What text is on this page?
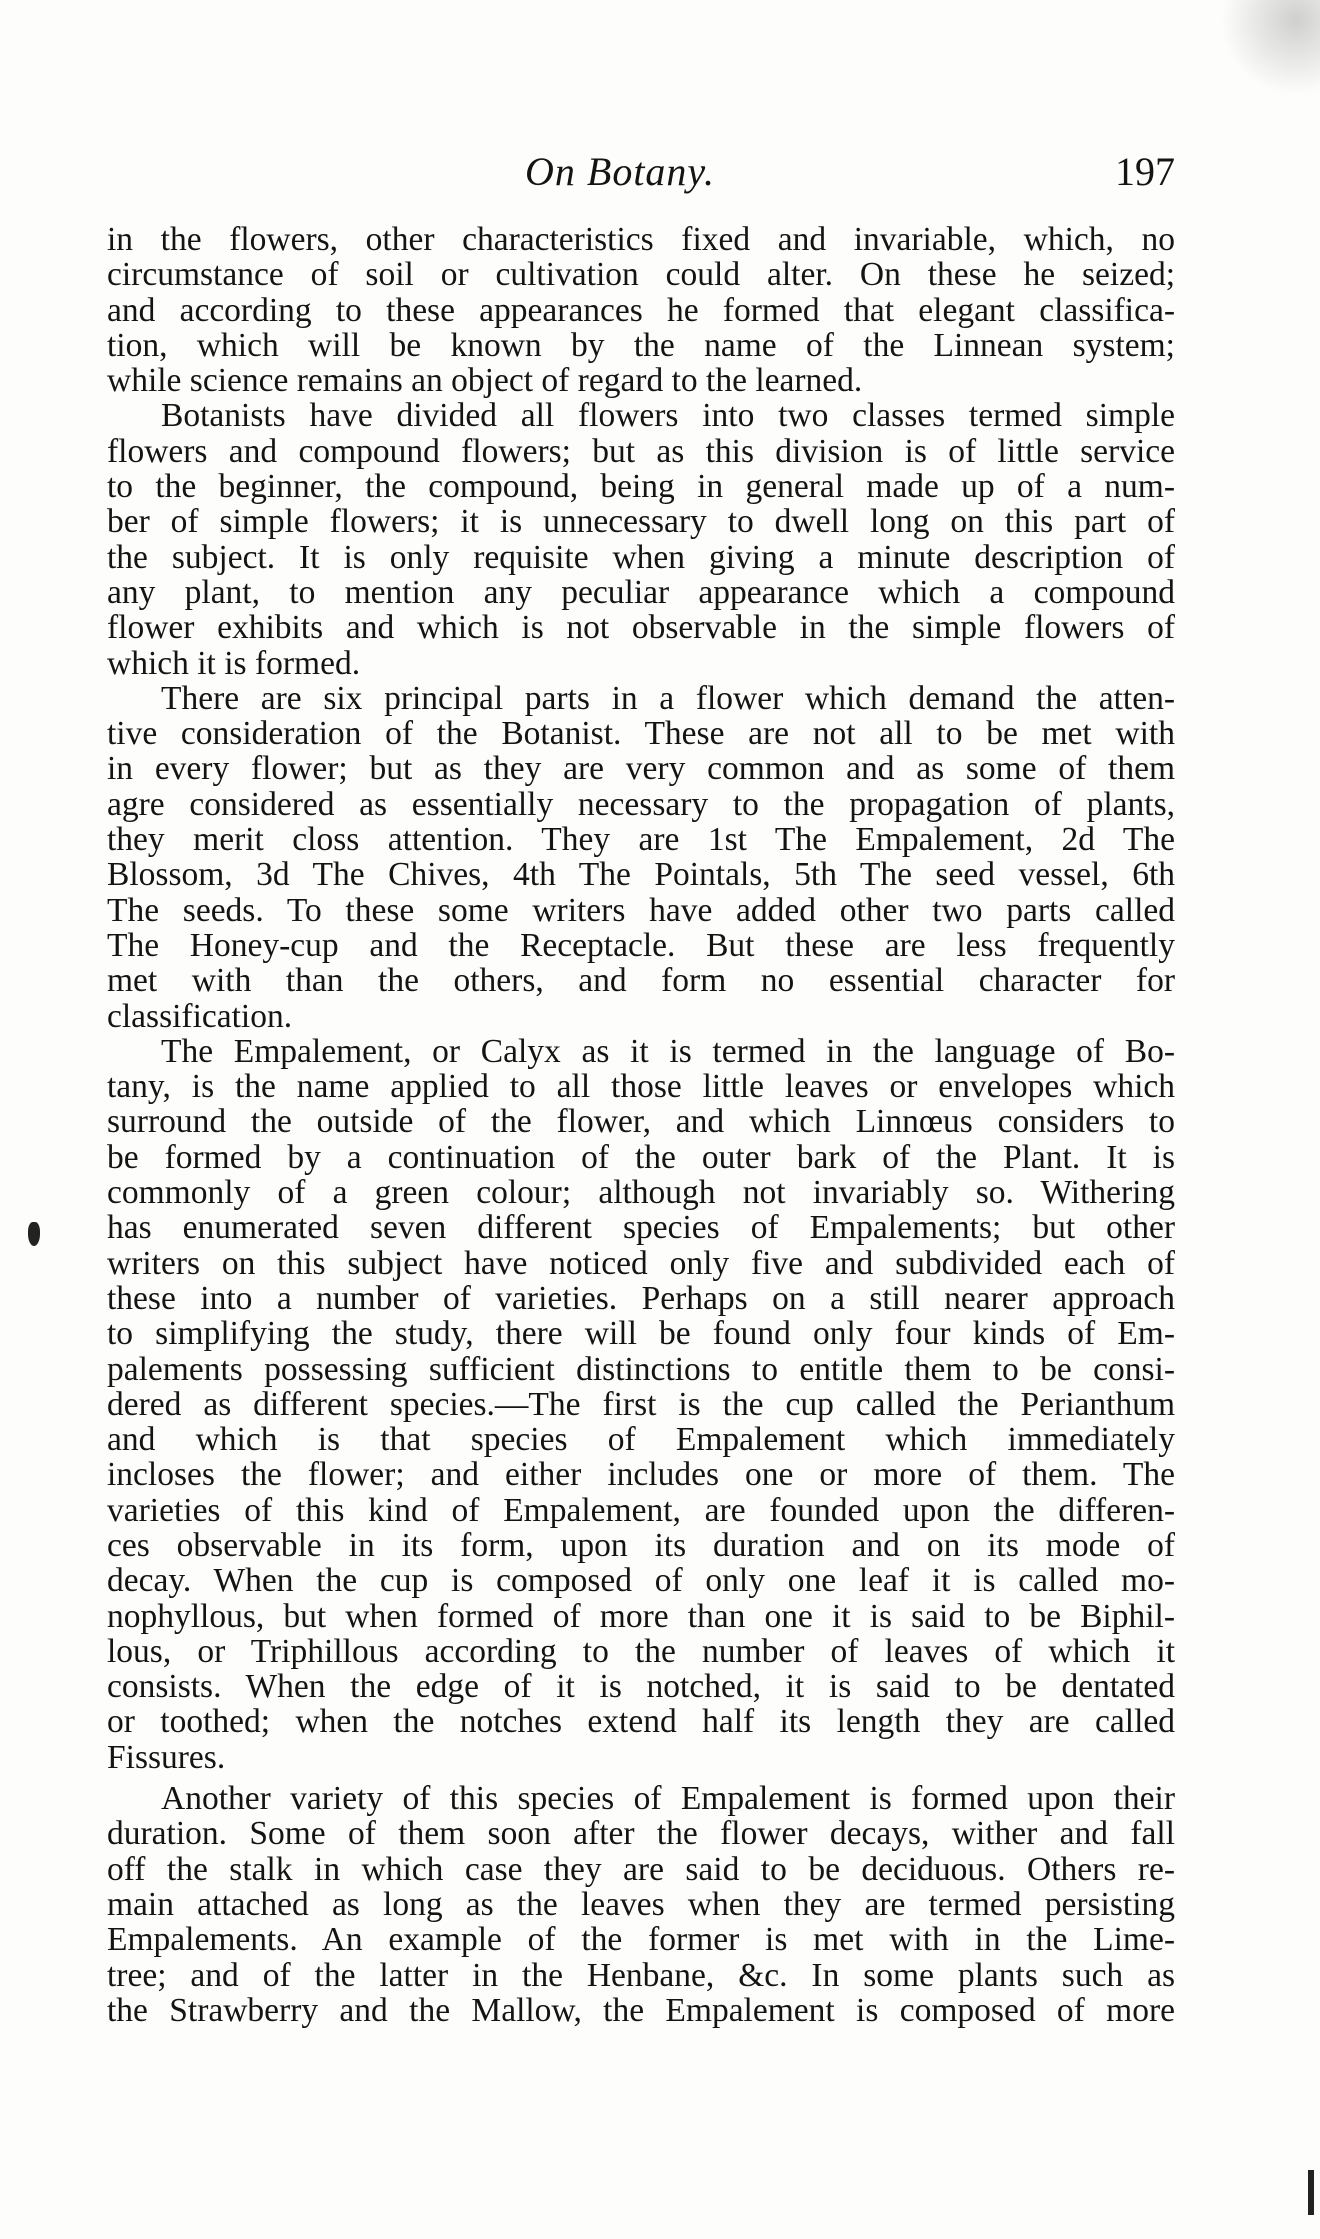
On Botany.	197
in the flowers, other characteristics fixed and invariable, which, no
circumstance of soil or cultivation could alter. On these he seized;
and according to these appearances he formed that elegant classifica-
tion, which will be known by the name of the Linnean system;
while science remains an object of regard to the learned.
Botanists have divided all flowers into two classes termed simple
flowers and compound flowers; but as this division is of little service
to the beginner, the compound, being in general made up of a num-
ber of simple flowers; it is unnecessary to dwell long on this part of
the subject. It is only requisite when giving a minute description of
any plant, to mention any peculiar appearance which a compound
flower exhibits and which is not observable in the simple flowers of
which it is formed.
There are six principal parts in a flower which demand the atten-
tive consideration of the Botanist. These are not all to be met with
in every flower; but as they are very common and as some of them
agre considered as essentially necessary to the propagation of plants,
they merit closs attention. They are 1st The Empalement, 2d The
Blossom, 3d The Chives, 4th The Pointals, 5th The seed vessel, 6th
The seeds. To these some writers have added other two parts called
The Honey-cup and the Receptacle. But these are less frequently
met with than the others, and form no essential character for
classification.
The Empalement, or Calyx as it is termed in the language of Bo-
tany, is the name applied to all those little leaves or envelopes which
surround the outside of the flower, and which Linnœus considers to
be formed by a continuation of the outer bark of the Plant. It is
commonly of a green colour; although not invariably so. Withering
has enumerated seven different species of Empalements; but other
writers on this subject have noticed only five and subdivided each of
these into a number of varieties. Perhaps on a still nearer approach
to simplifying the study, there will be found only four kinds of Em-
palements possessing sufficient distinctions to entitle them to be consi-
dered as different species.—The first is the cup called the Perianthum
and which is that species of Empalement which immediately
incloses the flower; and either includes one or more of them. The
varieties of this kind of Empalement, are founded upon the differen-
ces observable in its form, upon its duration and on its mode of
decay. When the cup is composed of only one leaf it is called mo-
nophyllous, but when formed of more than one it is said to be Biphil-
lous, or Triphillous according to the number of leaves of which it
consists. When the edge of it is notched, it is said to be dentated
or toothed; when the notches extend half its length they are called
Fissures.
Another variety of this species of Empalement is formed upon their
duration. Some of them soon after the flower decays, wither and fall
off the stalk in which case they are said to be deciduous. Others re-
main attached as long as the leaves when they are termed persisting
Empalements. An example of the former is met with in the Lime-
tree; and of the latter in the Henbane, &c. In some plants such as
the Strawberry and the Mallow, the Empalement is composed of more
